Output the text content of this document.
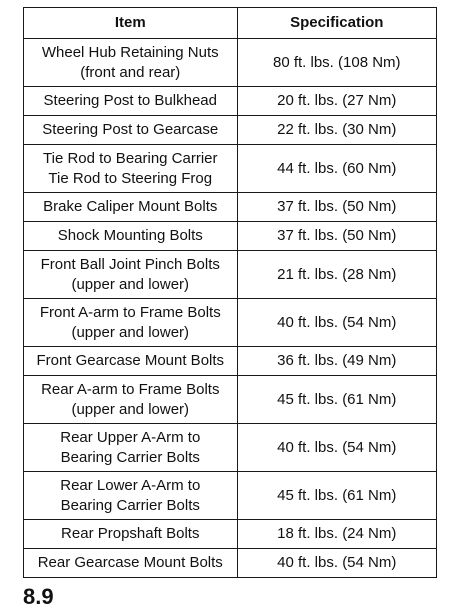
Item	Specification

Wheel Hub Retaining Nuts
(front and rear)	80 ft. lbs. (108 Nm)

Steering Post to Bulkhead	20 ft. lbs. (27 Nm)

Steering Post to Gearcase	22 ft. lbs. (30 Nm)

Tie Rod to Bearing Carrier
Tie Rod to Steering Frog	44 ft. lbs. (60 Nm)

Brake Caliper Mount Bolts	37 ft. lbs. (50 Nm)

Shock Mounting Bolts	37 ft. lbs. (50 Nm)

Front Ball Joint Pinch Bolts
(upper and lower)	21 ft. lbs. (28 Nm)

Front A-arm to Frame Bolts
(upper and lower)	40 ft. lbs. (54 Nm)

Front Gearcase Mount Bolts	36 ft. lbs. (49 Nm)

Rear A-arm to Frame Bolts
(upper and lower)	45 ft. lbs. (61 Nm)

Rear Upper A-Arm to
Bearing Carrier Bolts	40 ft. lbs. (54 Nm)

Rear Lower A-Arm to
Bearing Carrier Bolts	45 ft. lbs. (61 Nm)

Rear Propshaft Bolts	18 ft. lbs. (24 Nm)

Rear Gearcase Mount Bolts	40 ft. lbs. (54 Nm)
8.9
